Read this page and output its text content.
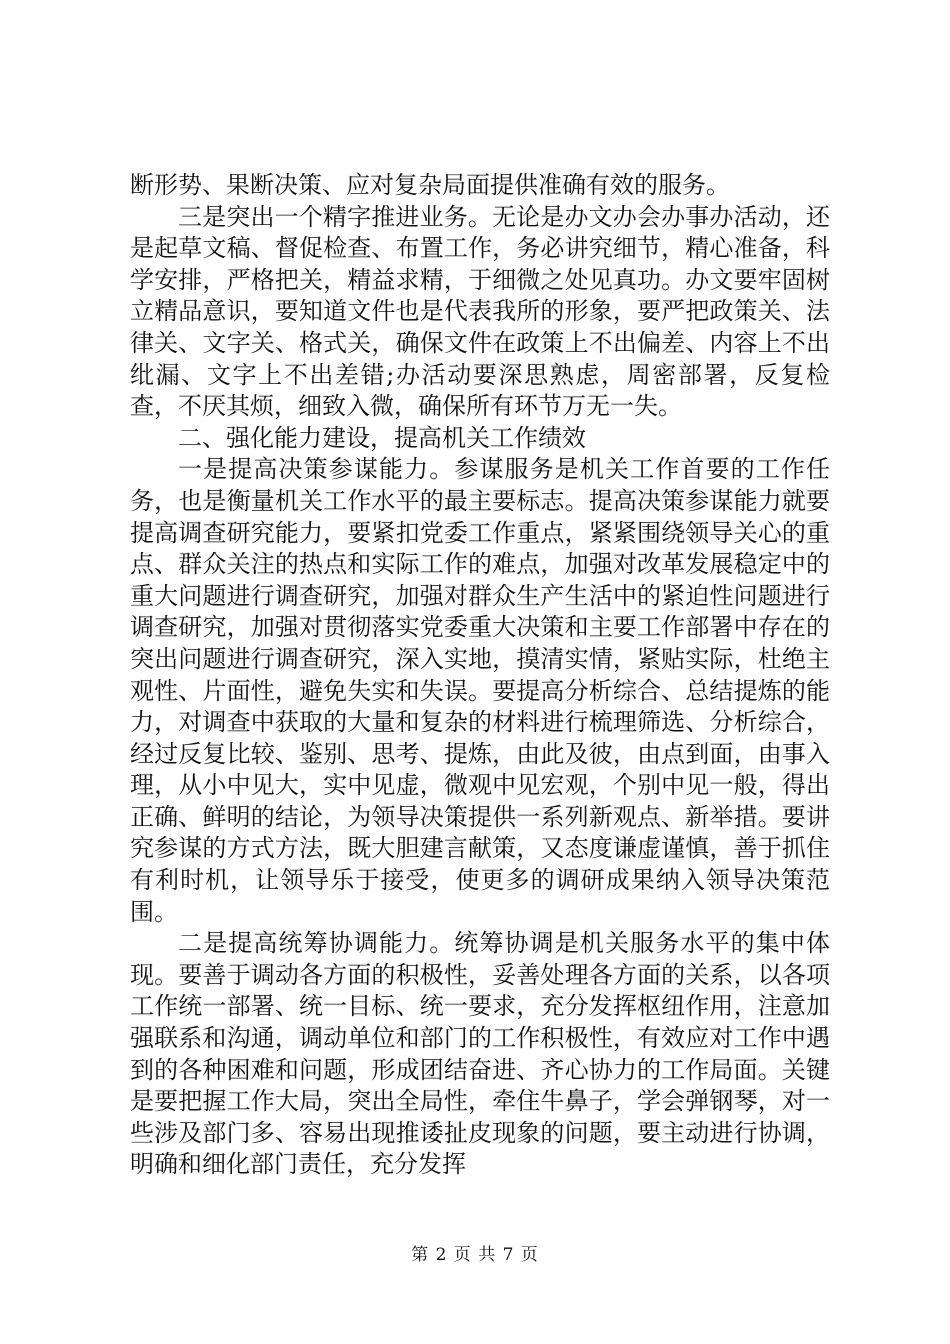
断形势、果断决策、应对复杂局面提供准确有效的服务。

三是突出一个精字推进业务。无论是办文办会办事办活动，还是起草文稿、督促检查、布置工作，务必讲究细节，精心准备，科学安排，严格把关，精益求精，于细微之处见真功。办文要牢固树立精品意识，要知道文件也是代表我所的形象，要严把政策关、法律关、文字关、格式关，确保文件在政策上不出偏差、内容上不出纰漏、文字上不出差错;办活动要深思熟虑，周密部署，反复检查，不厌其烦，细致入微，确保所有环节万无一失。

二、强化能力建设，提高机关工作绩效

一是提高决策参谋能力。参谋服务是机关工作首要的工作任务，也是衡量机关工作水平的最主要标志。提高决策参谋能力就要提高调查研究能力，要紧扣党委工作重点，紧紧围绕领导关心的重点、群众关注的热点和实际工作的难点，加强对改革发展稳定中的重大问题进行调查研究，加强对群众生产生活中的紧迫性问题进行调查研究，加强对贯彻落实党委重大决策和主要工作部署中存在的突出问题进行调查研究，深入实地，摸清实情，紧贴实际，杜绝主观性、片面性，避免失实和失误。要提高分析综合、总结提炼的能力，对调查中获取的大量和复杂的材料进行梳理筛选、分析综合，经过反复比较、鉴别、思考、提炼，由此及彼，由点到面，由事入理，从小中见大，实中见虚，微观中见宏观，个别中见一般，得出正确、鲜明的结论，为领导决策提供一系列新观点、新举措。要讲究参谋的方式方法，既大胆建言献策，又态度谦虚谨慎，善于抓住有利时机，让领导乐于接受，使更多的调研成果纳入领导决策范围。

二是提高统筹协调能力。统筹协调是机关服务水平的集中体现。要善于调动各方面的积极性，妥善处理各方面的关系，以各项工作统一部署、统一目标、统一要求，充分发挥枢纽作用，注意加强联系和沟通，调动单位和部门的工作积极性，有效应对工作中遇到的各种困难和问题，形成团结奋进、齐心协力的工作局面。关键是要把握工作大局，突出全局性，牵住牛鼻子，学会弹钢琴，对一些涉及部门多、容易出现推诿扯皮现象的问题，要主动进行协调，明确和细化部门责任，充分发挥

第 2 页 共 7 页
